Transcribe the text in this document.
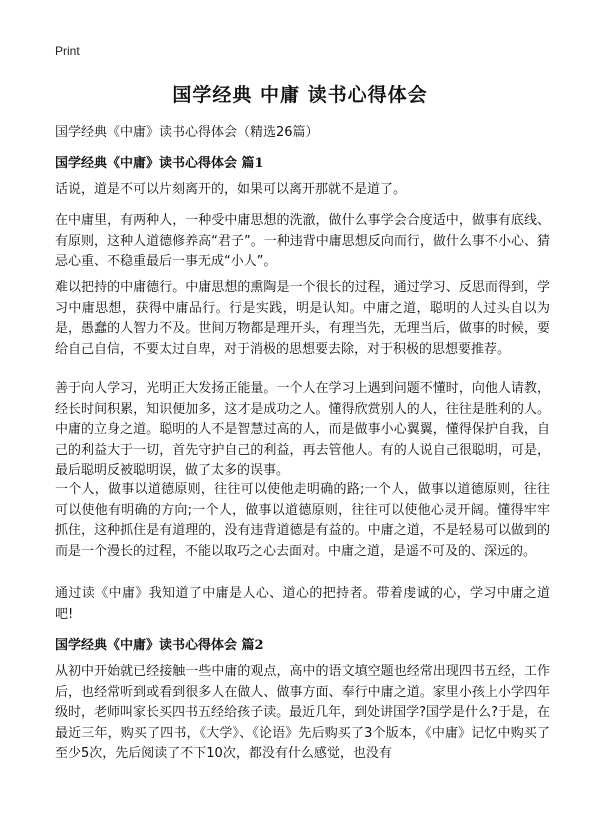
Print
国学经典 中庸 读书心得体会
国学经典《中庸》读书心得体会（精选26篇）
国学经典《中庸》读书心得体会 篇1
话说，道是不可以片刻离开的，如果可以离开那就不是道了。
在中庸里，有两种人，一种受中庸思想的洗澈，做什么事学会合度适中，做事有底线、有原则，这种人道德修养高“君子”。一种违背中庸思想反向而行，做什么事不小心、猜忌心重、不稳重最后一事无成“小人”。
难以把持的中庸德行。中庸思想的熏陶是一个很长的过程，通过学习、反思而得到，学习中庸思想，获得中庸品行。行是实践，明是认知。中庸之道，聪明的人过头自以为是，愚蠢的人智力不及。世间万物都是理开头，有理当先，无理当后，做事的时候，要给自己自信，不要太过自卑，对于消极的思想要去除，对于积极的思想要推荐。
善于向人学习，光明正大发扬正能量。一个人在学习上遇到问题不懂时，向他人请教，经长时间积累，知识便加多，这才是成功之人。懂得欣赏别人的人，往往是胜利的人。中庸的立身之道。聪明的人不是智慧过高的人，而是做事小心翼翼，懂得保护自我，自己的利益大于一切，首先守护自己的利益，再去管他人。有的人说自己很聪明，可是，最后聪明反被聪明误，做了太多的误事。
一个人，做事以道德原则，往往可以使他走明确的路;一个人，做事以道德原则，往往可以使他有明确的方向;一个人，做事以道德原则，往往可以使他心灵开阔。懂得牢牢抓住，这种抓住是有道理的，没有违背道德是有益的。中庸之道，不是轻易可以做到的而是一个漫长的过程，不能以取巧之心去面对。中庸之道，是遥不可及的、深远的。
通过读《中庸》我知道了中庸是人心、道心的把持者。带着虔诚的心，学习中庸之道吧!
国学经典《中庸》读书心得体会 篇2
从初中开始就已经接触一些中庸的观点，高中的语文填空题也经常出现四书五经，工作后，也经常听到或看到很多人在做人、做事方面、奉行中庸之道。家里小孩上小学四年级时，老师叫家长买四书五经给孩子读。最近几年，到处讲国学?国学是什么?于是，在最近三年，购买了四书，《大学》、《论语》先后购买了3个版本，《中庸》记忆中购买了至少5次，先后阅读了不下10次，都没有什么感觉，也没有
